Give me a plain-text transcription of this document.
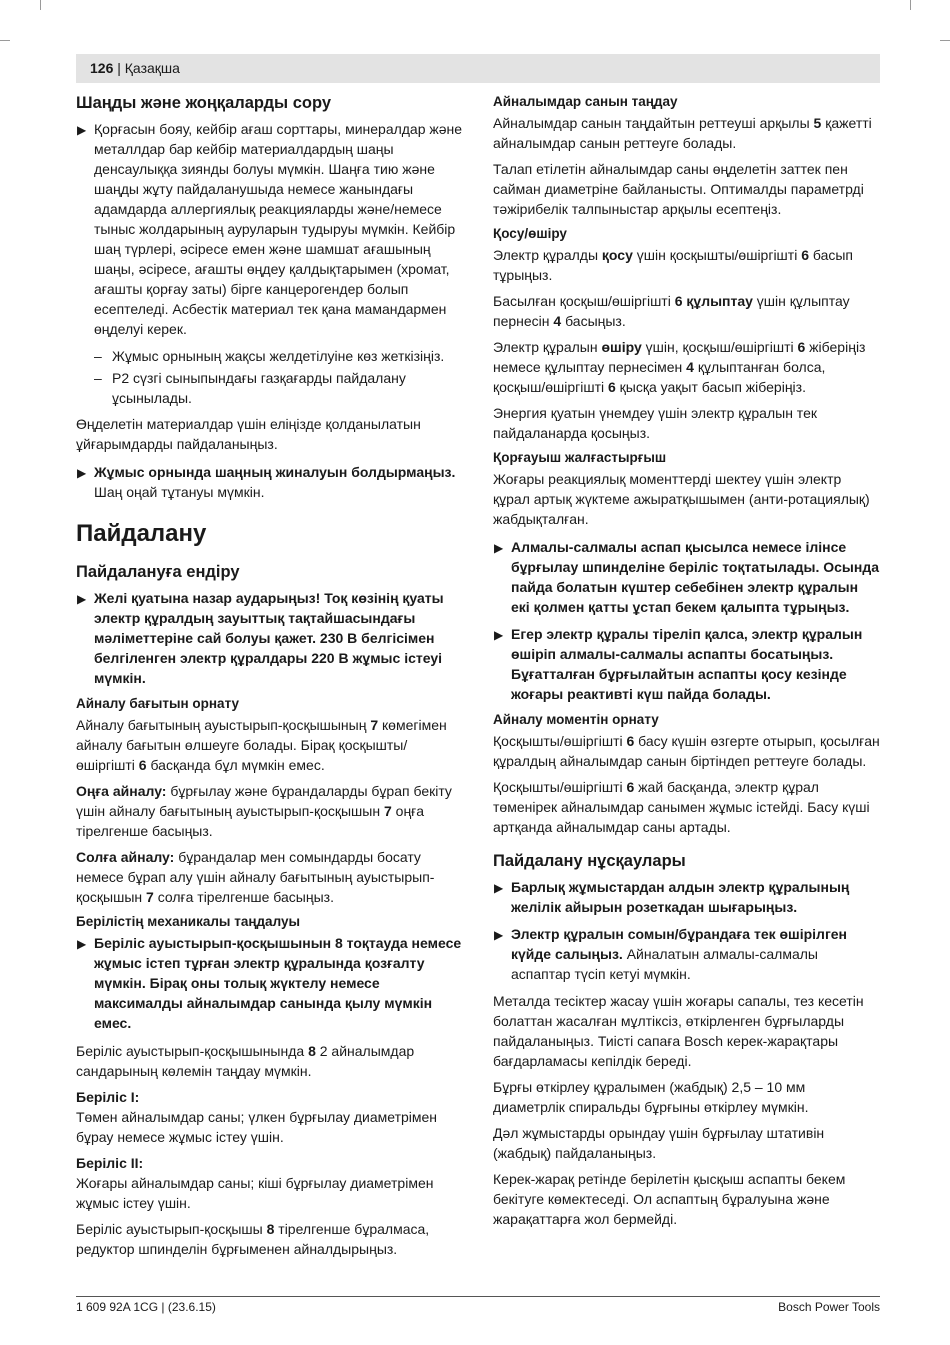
126 | Қазақша
Шаңды және жоңқаларды сору
▶ Қорғасын бояу, кейбір ағаш сорттары, минералдар және металлдар бар кейбір материалдардың шаңы денсаулыққа зиянды болуы мүмкін. Шаңға тию және шаңды жұту пайдаланушыда немесе жанындағы адамдарда аллергиялық реакцияларды және/немесе тыныс жолдарының ауруларын тудыруы мүмкін. Кейбір шаң түрлері, әсіресе емен және шамшат ағашының шаңы, әсіресе, ағашты өңдеу қалдықтарымен (хромат, ағашты қорғау заты) бірге канцерогендер болып есептеледі. Асбестік материал тек қана мамандармен өңделуі керек.
– Жұмыс орнының жақсы желдетілуіне көз жеткізіңіз.
– P2 сүзгі сыныпындағы газқағарды пайдалану ұсынылады.

Өңделетін материалдар үшін еліңізде қолданылатын ұйғарымдарды пайдаланыңыз.

▶ Жұмыс орнында шаңның жиналуын болдырмаңыз. Шаң оңай тұтануы мүмкін.
Пайдалану
Пайдалануға ендіру
▶ Желі қуатына назар аударыңыз! Тоқ көзінің қуаты электр құралдың зауыттық тақтайшасындағы мәліметтеріне сай болуы қажет. 230 В белгісімен белгіленген электр құралдары 220 В жұмыс істеуі мүмкін.
Айналу бағытын орнату

Айналу бағытының ауыстырып-қосқышының 7 көмегімен айналу бағытын өлшеуге болады. Бірақ қосқышты/өшіргішті 6 басқанда бұл мүмкін емес.

Оңға айналу: бұрғылау және бұрандаларды бұрап бекіту үшін айналу бағытының ауыстырып-қосқышын 7 оңға тірелгенше басыңыз.

Солға айналу: бұрандалар мен сомындарды босату немесе бұрап алу үшін айналу бағытының ауыстырып-қосқышын 7 солға тірелгенше басыңыз.

Берілістің механикалы таңдалуы
▶ Беріліс ауыстырып-қосқышынын 8 тоқтауда немесе жұмыс істеп тұрған электр құралында қозғалту мүмкін. Бірақ оны толық жүктелу немесе максималды айналымдар санында қылу мүмкін емес.

Беріліс ауыстырып-қосқышынында 8 2 айналымдар сандарының көлемін таңдау мүмкін.

Беріліс I:

Төмен айналымдар саны; үлкен бұрғылау диаметрімен бұрау немесе жұмыс істеу үшін.

Беріліс II:

Жоғары айналымдар саны; кіші бұрғылау диаметрімен жұмыс істеу үшін.

Беріліс ауыстырып-қосқышы 8 тірелгенше бұралмаса, редуктор шпинделін бұрғыменен айналдырыңыз.

Айналымдар санын таңдау

Айналымдар санын таңдайтын реттеуші арқылы 5 қажетті айналымдар санын реттеуге болады.

Талап етілетін айналымдар саны өңделетін заттек пен сайман диаметріне байланысты. Оптималды параметрді тәжірибелік талпыныстар арқылы есептеңіз.

Қосу/өшіру

Электр құралды қосу үшін қосқышты/өшіргішті 6 басып тұрыңыз.

Басылған қосқыш/өшіргішті 6 құлыптау үшін құлыптау пернесін 4 басыңыз.

Электр құралын өшіру үшін, қосқыш/өшіргішті 6 жіберіңіз немесе құлыптау пернесімен 4 құлыптанған болса, қосқыш/өшіргішті 6 қысқа уақыт басып жіберіңіз.

Энергия қуатын үнемдеу үшін электр құралын тек пайдаланарда қосыңыз.

Қорғауыш жалғастырғыш

Жоғары реакциялық моменттерді шектеу үшін электр құрал артық жүктеме ажыратқышымен (анти-ротациялық) жабдықталған.

▶ Алмалы-салмалы аспап қысылса немесе ілінсе бұрғылау шпинделіне беріліс тоқтатылады. Осында пайда болатын күштер себебінен электр құралын екі қолмен қатты ұстап бекем қалыпта тұрыңыз.
▶ Егер электр құралы тіреліп қалса, электр құралын өшіріп алмалы-салмалы аспапты босатыңыз. Бұғатталған бұрғылайтын аспапты қосу кезінде жоғары реактивті күш пайда болады.
Айналу моментін орнату

Қосқышты/өшіргішті 6 басу күшін өзгерте отырып, қосылған құралдың айналымдар санын біртіндеп реттеуге болады.

Қосқышты/өшіргішті 6 жай басқанда, электр құрал төменірек айналымдар санымен жұмыс істейді. Басу күші артқанда айналымдар саны артады.

Пайдалану нұсқаулары
▶ Барлық жұмыстардан алдын электр құралының желілік айырын розеткадан шығарыңыз.
▶ Электр құралын сомын/бұрандаға тек өшірілген күйде салыңыз. Айналатын алмалы-салмалы аспаптар түсіп кетуі мүмкін.

Металда тесіктер жасау үшін жоғары сапалы, тез кесетін болаттан жасалған мұлтіксіз, өткірленген бұрғыларды пайдаланыңыз. Тиісті сапаға Bosch керек-жарақтары бағдарламасы кепілдік береді.

Бұрғы өткірлеу құралымен (жабдық) 2,5 – 10 мм диаметрлік спиральды бұрғыны өткірлеу мүмкін.

Дәл жұмыстарды орындау үшін бұрғылау штативін (жабдық) пайдаланыңыз.

Керек-жарақ ретінде берілетін қысқыш аспапты бекем бекітуге көмектеседі. Ол аспаптың бұралуына және жарақаттарға жол бермейді.

1 609 92A 1CG | (23.6.15)	Bosch Power Tools
